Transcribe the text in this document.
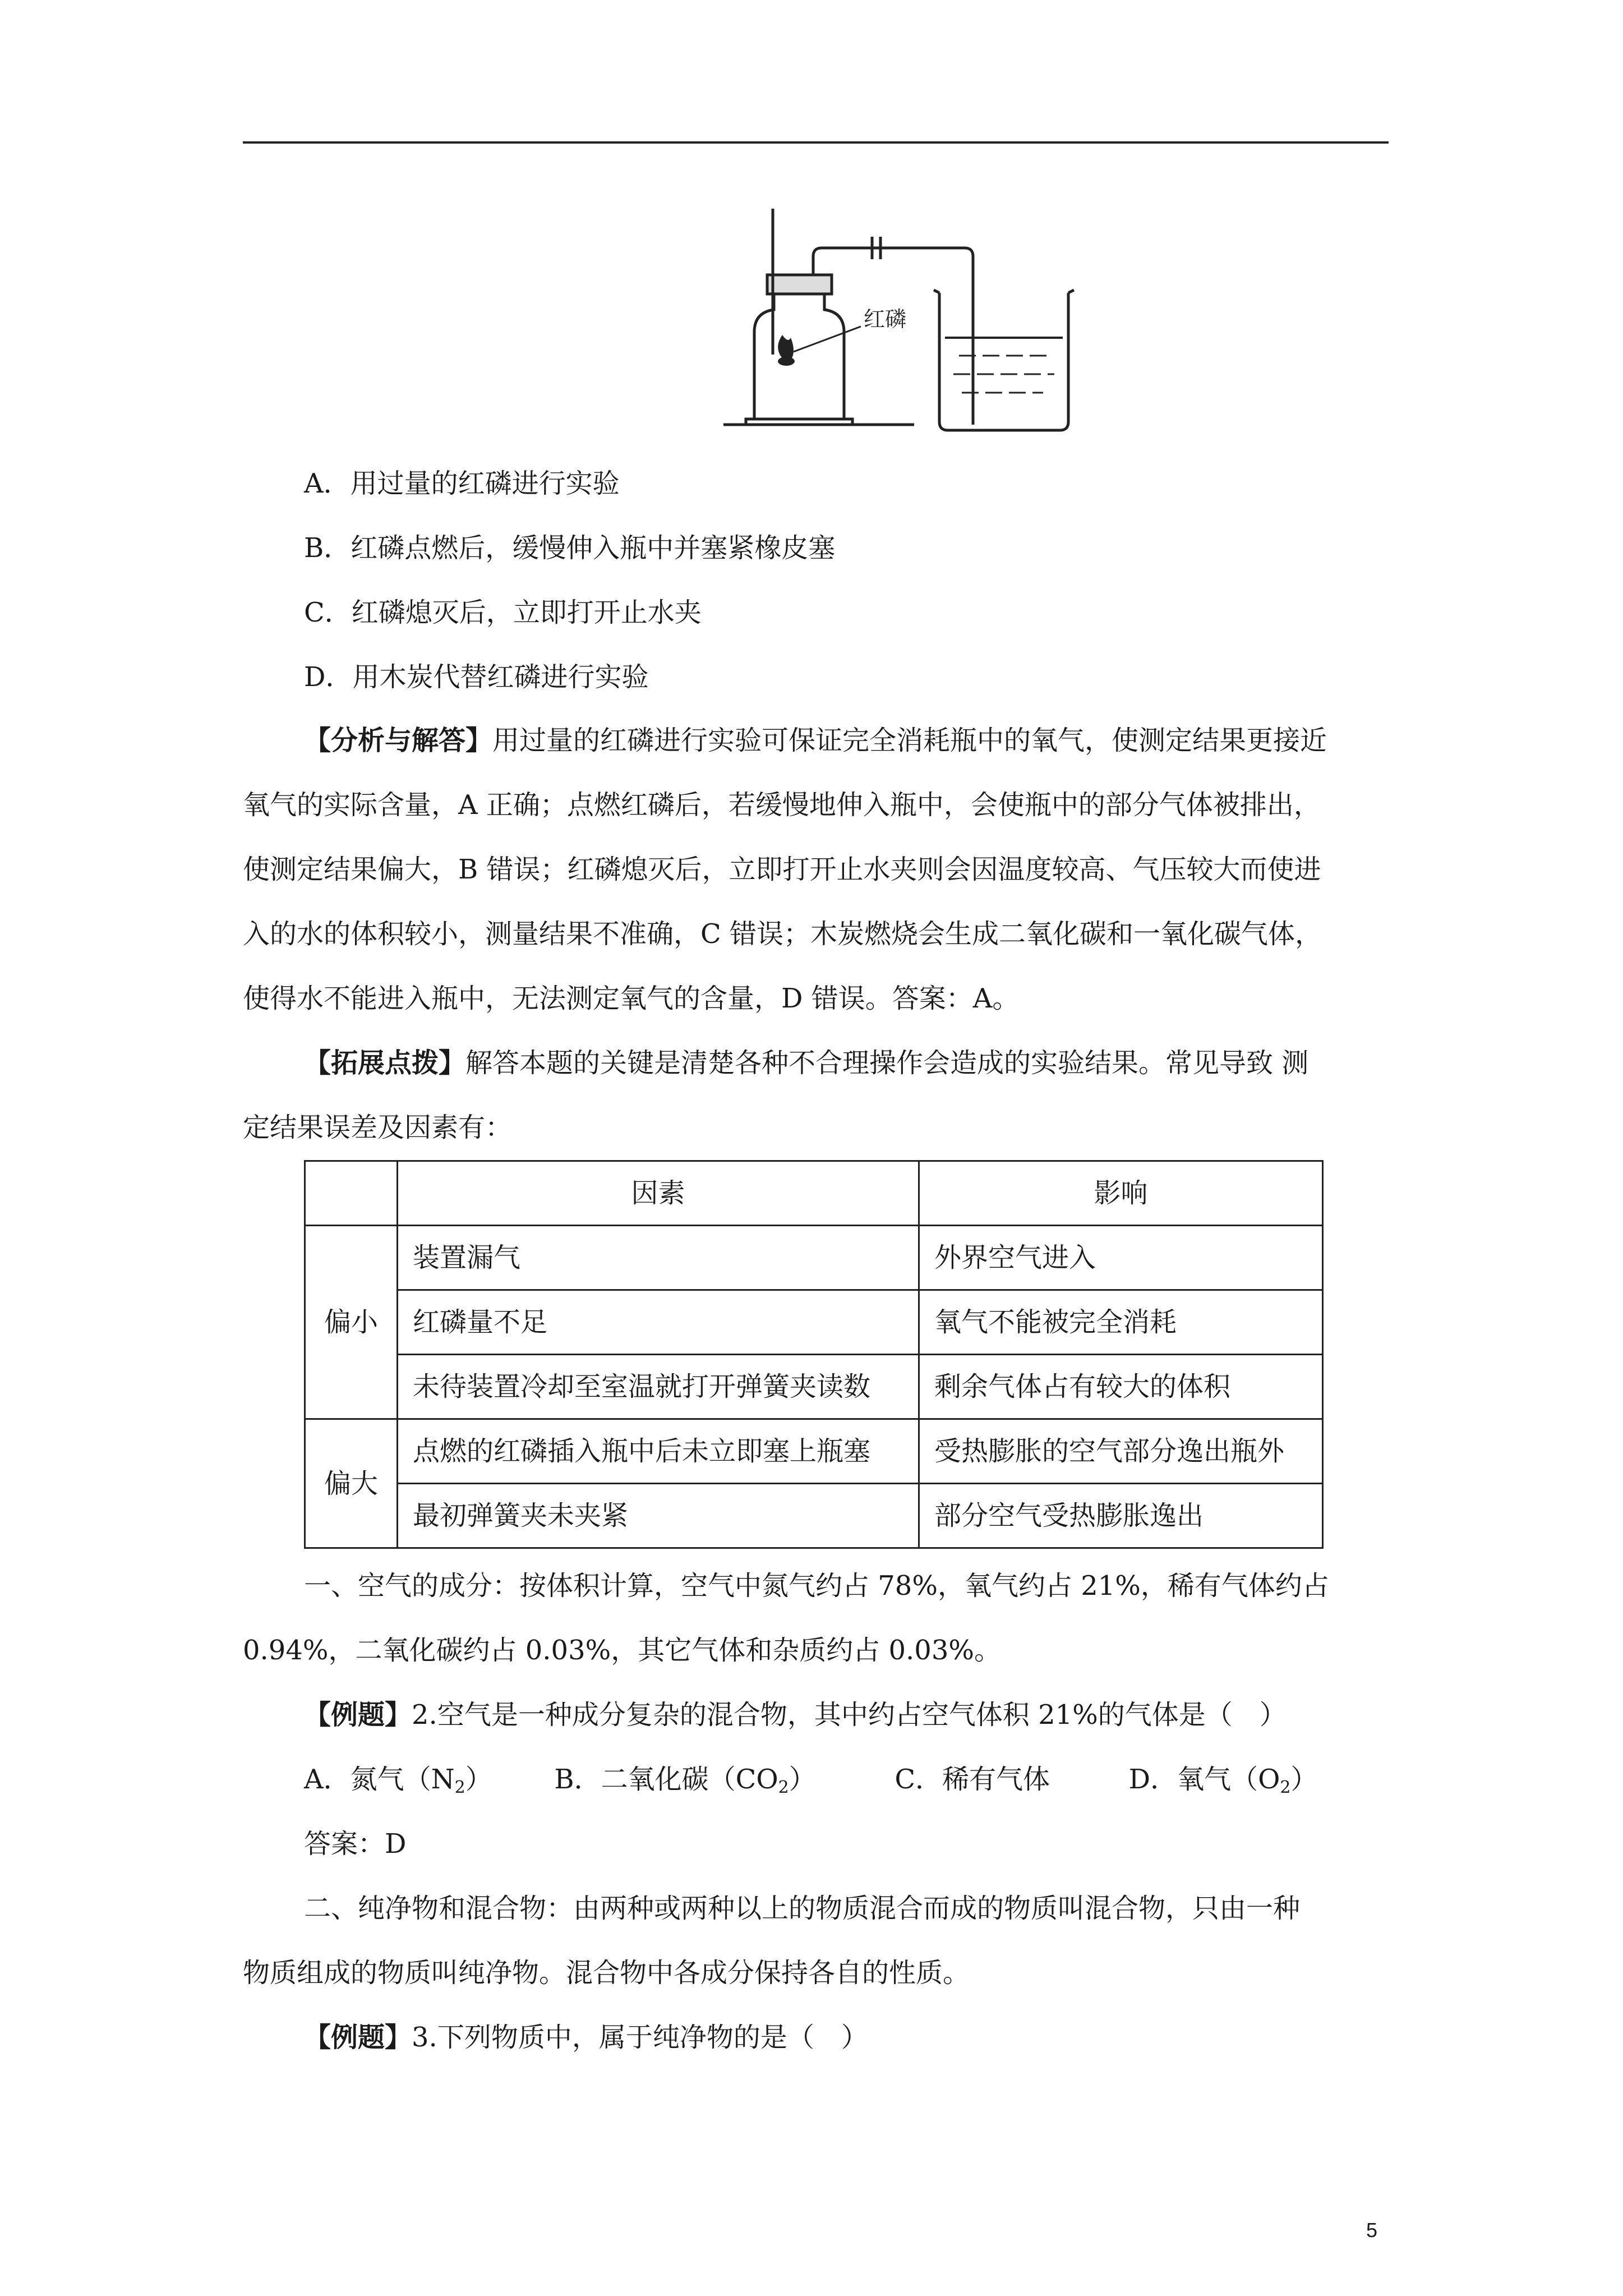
红磷
A．用过量的红磷进行实验
B．红磷点燃后，缓慢伸入瓶中并塞紧橡皮塞
C．红磷熄灭后，立即打开止水夹
D．用木炭代替红磷进行实验
【分析与解答】用过量的红磷进行实验可保证完全消耗瓶中的氧气，使测定结果更接近
氧气的实际含量，A 正确；点燃红磷后，若缓慢地伸入瓶中，会使瓶中的部分气体被排出，
使测定结果偏大，B 错误；红磷熄灭后，立即打开止水夹则会因温度较高、气压较大而使进
入的水的体积较小，测量结果不准确，C 错误；木炭燃烧会生成二氧化碳和一氧化碳气体，
使得水不能进入瓶中，无法测定氧气的含量，D 错误。答案：A。
【拓展点拨】解答本题的关键是清楚各种不合理操作会造成的实验结果。常见导致 测
定结果误差及因素有：
	因素	影响
偏小	装置漏气	外界空气进入
	红磷量不足	氧气不能被完全消耗
	未待装置冷却至室温就打开弹簧夹读数	剩余气体占有较大的体积
偏大	点燃的红磷插入瓶中后未立即塞上瓶塞	受热膨胀的空气部分逸出瓶外
	最初弹簧夹未夹紧	部分空气受热膨胀逸出
一、空气的成分：按体积计算，空气中氮气约占 78%，氧气约占 21%，稀有气体约占
0.94%，二氧化碳约占 0.03%，其它气体和杂质约占 0.03%。
【例题】2.空气是一种成分复杂的混合物，其中约占空气体积 21%的气体是（　）
A．氮气$(N_2)$ B．二氧化碳$(CO_2)$	C．稀有气体	D．氧气$(O_2)$
答案：D
二、纯净物和混合物：由两种或两种以上的物质混合而成的物质叫混合物，只由一种
物质组成的物质叫纯净物。混合物中各成分保持各自的性质。
【例题】3.下列物质中，属于纯净物的是（　）
5
